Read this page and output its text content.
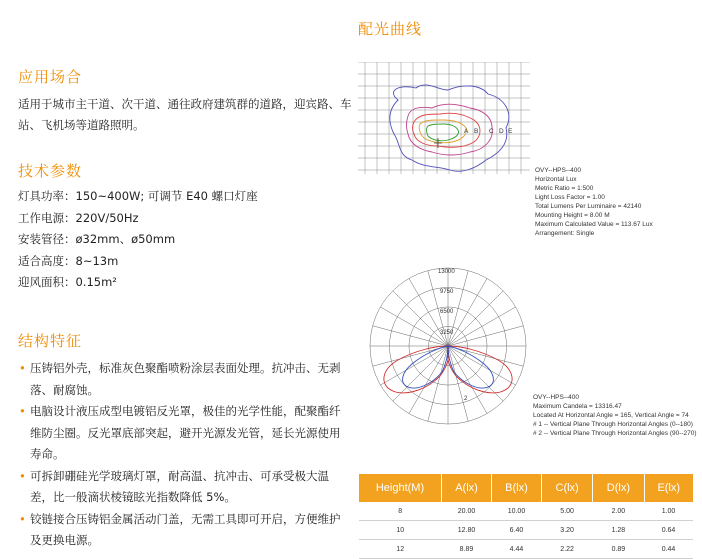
应用场合
适用于城市主干道、次干道、通往政府建筑群的道路，迎宾路、车站、飞机场等道路照明。
技术参数
灯具功率：150~400W; 可调节 E40 螺口灯座
工作电源：220V/50Hz
安装管径：ø32mm、ø50mm
适合高度：8~13m
迎风面积：0.15m²
结构特征
• 压铸铝外壳，标准灰色聚酯喷粉涂层表面处理。抗冲击、无剥落、耐腐蚀。
• 电脑设计液压成型电镀铝反光罩，极佳的光学性能，配聚酯纤维防尘圈。反光罩底部突起，避开光源发光管，延长光源使用寿命。
• 可拆卸硼硅光学玻璃灯罩，耐高温、抗冲击、可承受极大温差，比一般滴状棱镜眩光指数降低 5%。
• 铰链接合压铸铝金属活动门盖，无需工具即可开启，方便维护及更换电源。
配光曲线
A B C D E
OVY--HPS--400
Horizontal Lux
Metric Ratio = 1:500
Light Loss Factor = 1.00
Total Lumens Per Luminaire = 42140
Mounting Height = 8.00 M
Maximum Calculated Value = 113.67 Lux
Arrangement: Single
13000
9750
6500
3250
2	OVY--HPS--400
Maximum Candela = 13316.47
Located At Horizontal Angle = 165, Vertical Angle = 74
# 1 -- Vertical Plane Through Horizontal Angles (0--180)
# 2 -- Vertical Plane Through Horizontal Angles (90--270)
Height(M)	A(lx)	B(lx)	C(lx)	D(lx)	E(lx)
8	20.00	10.00	5.00	2.00	1.00
10	12.80	6.40	3.20	1.28	0.64
12	8.89	4.44	2.22	0.89	0.44
